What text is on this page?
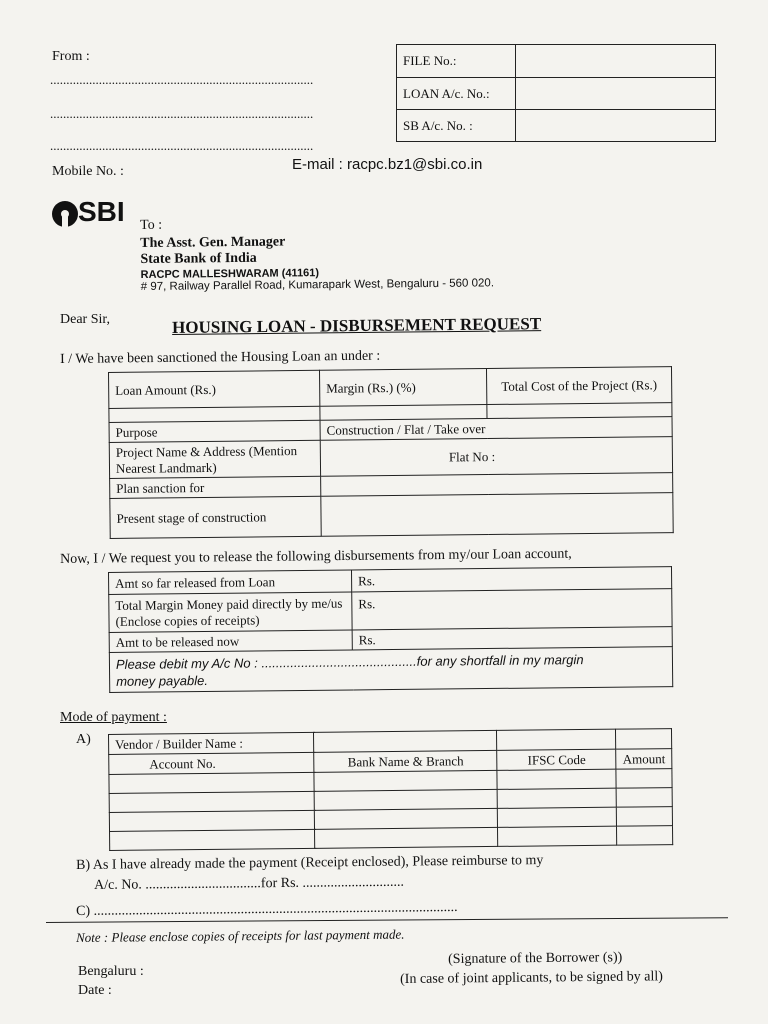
From :
.................................................................................
.................................................................................
.................................................................................
Mobile No. :	E-mail : racpc.bz1@sbi.co.in
FILE No.:	
LOAN A/c. No.:	
SB A/c. No. :	
SBI To :
The Asst. Gen. Manager
State Bank of India
RACPC MALLESHWARAM (41161)
# 97, Railway Parallel Road, Kumarapark West, Bengaluru - 560 020.
Dear Sir,	HOUSING LOAN - DISBURSEMENT REQUEST
I / We have been sanctioned the Housing Loan an under :
Loan Amount (Rs.)	Margin (Rs.) (%)	Total Cost of the Project (Rs.)

Purpose	Construction / Flat / Take over	
Project Name & Address (Mention Nearest Landmark)	Flat No :	
Plan sanction for		
Present stage of construction		
Now, I / We request you to release the following disbursements from my/our Loan account,
Amt so far released from Loan	Rs.
Total Margin Money paid directly by me/us (Enclose copies of receipts)	Rs.
Amt to be released now	Rs.

Please debit my A/c No : ...........................................for any shortfall in my margin
money payable.	
Mode of payment :
A) Vendor / Builder Name :			
Account No.	Bank Name & Branch	IFSC Code	Amount

B) As I have already made the payment (Receipt enclosed), Please reimburse to my
A/c. No. .................................for Rs. .............................
C) ........................................................................................................
Note : Please enclose copies of receipts for last payment made.
Bengaluru :
Date :
(Signature of the Borrower (s))
(In case of joint applicants, to be signed by all)
